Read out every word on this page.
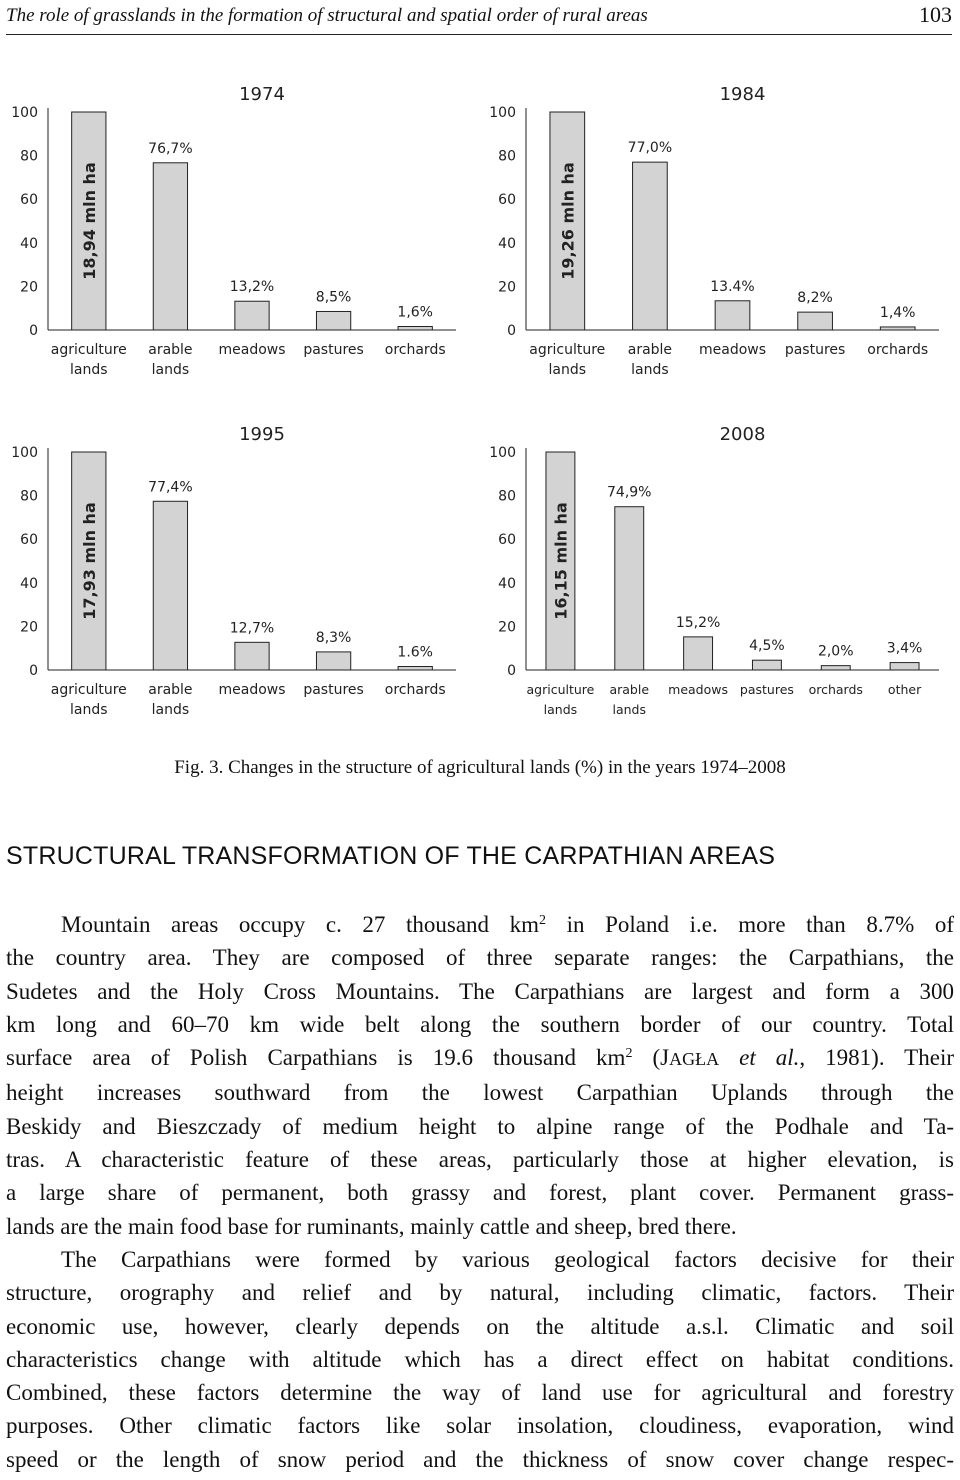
The role of grasslands in the formation of structural and spatial order of rural areas	103
1974
0
20
40
60
80
100
18,94 mln ha
agriculture
lands
76,7%
arable
lands
13,2%
meadows
8,5%
pastures
1,6%
orchards
1984
0
20
40
60
80
100
19,26 mln ha
agriculture
lands
77,0%
arable
lands
13.4%
meadows
8,2%
pastures
1,4%
orchards
1995
0
20
40
60
80
100
17,93 mln ha
agriculture
lands
77,4%
arable
lands
12,7%
meadows
8,3%
pastures
1.6%
orchards
2008
0
20
40
60
80
100
16,15 mln ha
agriculture
lands
74,9%
arable
lands
15,2%
meadows
4,5%
pastures
2,0%
orchards
3,4%
other
Fig. 3. Changes in the structure of agricultural lands (%) in the years 1974–2008
STRUCTURAL TRANSFORMATION OF THE CARPATHIAN AREAS
Mountain areas occupy c. 27 thousand $km^2$ in Poland i.e. more than 8.7% of
the country area. They are composed of three separate ranges: the Carpathians, the
Sudetes and the Holy Cross Mountains. The Carpathians are largest and form a 300
km long and 60–70 km wide belt along the southern border of our country. Total
surface area of Polish Carpathians is 19.6 thousand $km^2$ (JAGŁA et al., 1981). Their
height increases southward from the lowest Carpathian Uplands through the
Beskidy and Bieszczady of medium height to alpine range of the Podhale and Ta-
tras. A characteristic feature of these areas, particularly those at higher elevation, is
a large share of permanent, both grassy and forest, plant cover. Permanent grass-
lands are the main food base for ruminants, mainly cattle and sheep, bred there.
The Carpathians were formed by various geological factors decisive for their
structure, orography and relief and by natural, including climatic, factors. Their
economic use, however, clearly depends on the altitude a.s.l. Climatic and soil
characteristics change with altitude which has a direct effect on habitat conditions.
Combined, these factors determine the way of land use for agricultural and forestry
purposes. Other climatic factors like solar insolation, cloudiness, evaporation, wind
speed or the length of snow period and the thickness of snow cover change respec-
